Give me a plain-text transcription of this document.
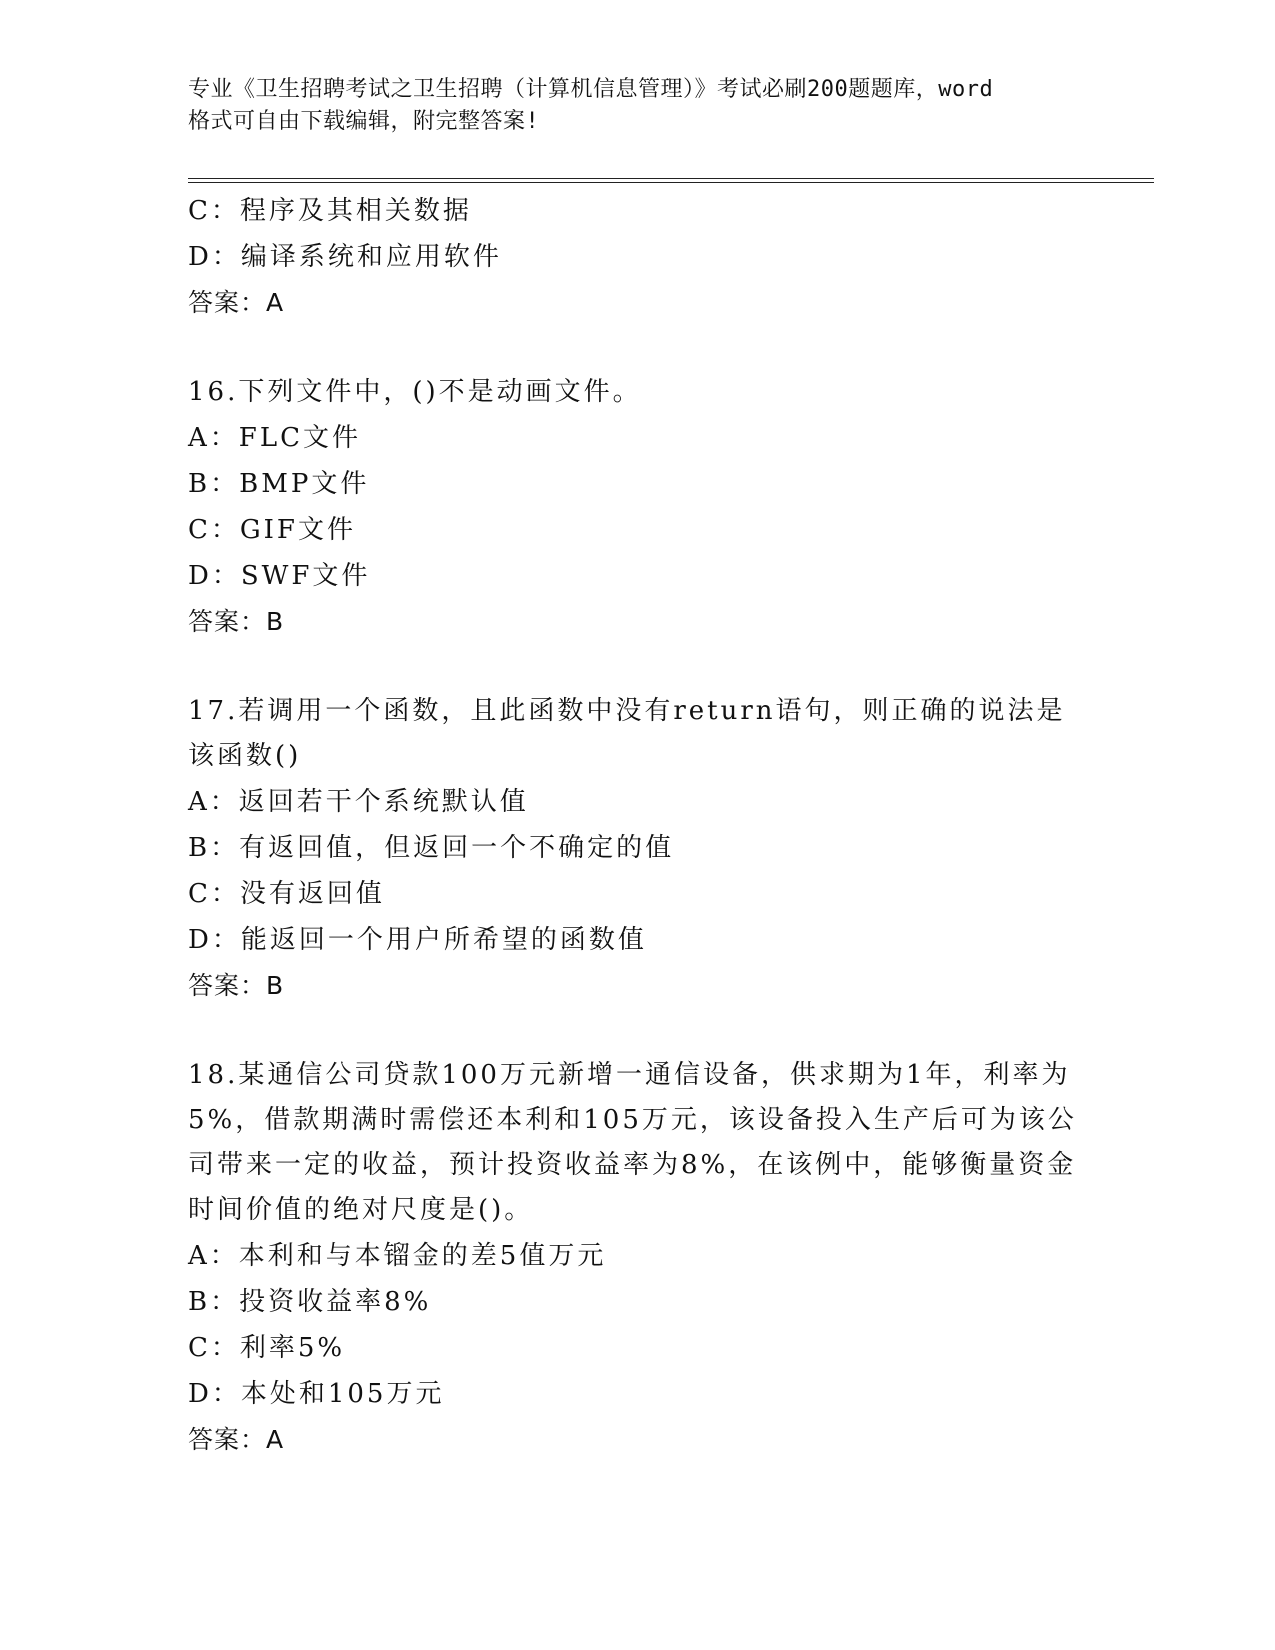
专业《卫生招聘考试之卫生招聘（计算机信息管理）》考试必刷200题题库，word
格式可自由下载编辑，附完整答案!
C：程序及其相关数据
D：编译系统和应用软件
答案：A
16.下列文件中，()不是动画文件。
A：FLC文件
B：BMP文件
C：GIF文件
D：SWF文件
答案：B
17.若调用一个函数，且此函数中没有return语句，则正确的说法是
该函数()
A：返回若干个系统默认值
B：有返回值，但返回一个不确定的值
C：没有返回值
D：能返回一个用户所希望的函数值
答案：B
18.某通信公司贷款100万元新增一通信设备，供求期为1年，利率为
5%，借款期满时需偿还本利和105万元，该设备投入生产后可为该公
司带来一定的收益，预计投资收益率为8%，在该例中，能够衡量资金
时间价值的绝对尺度是()。
A：本利和与本镏金的差5值万元
B：投资收益率8%
C：利率5%
D：本处和105万元
答案：A
